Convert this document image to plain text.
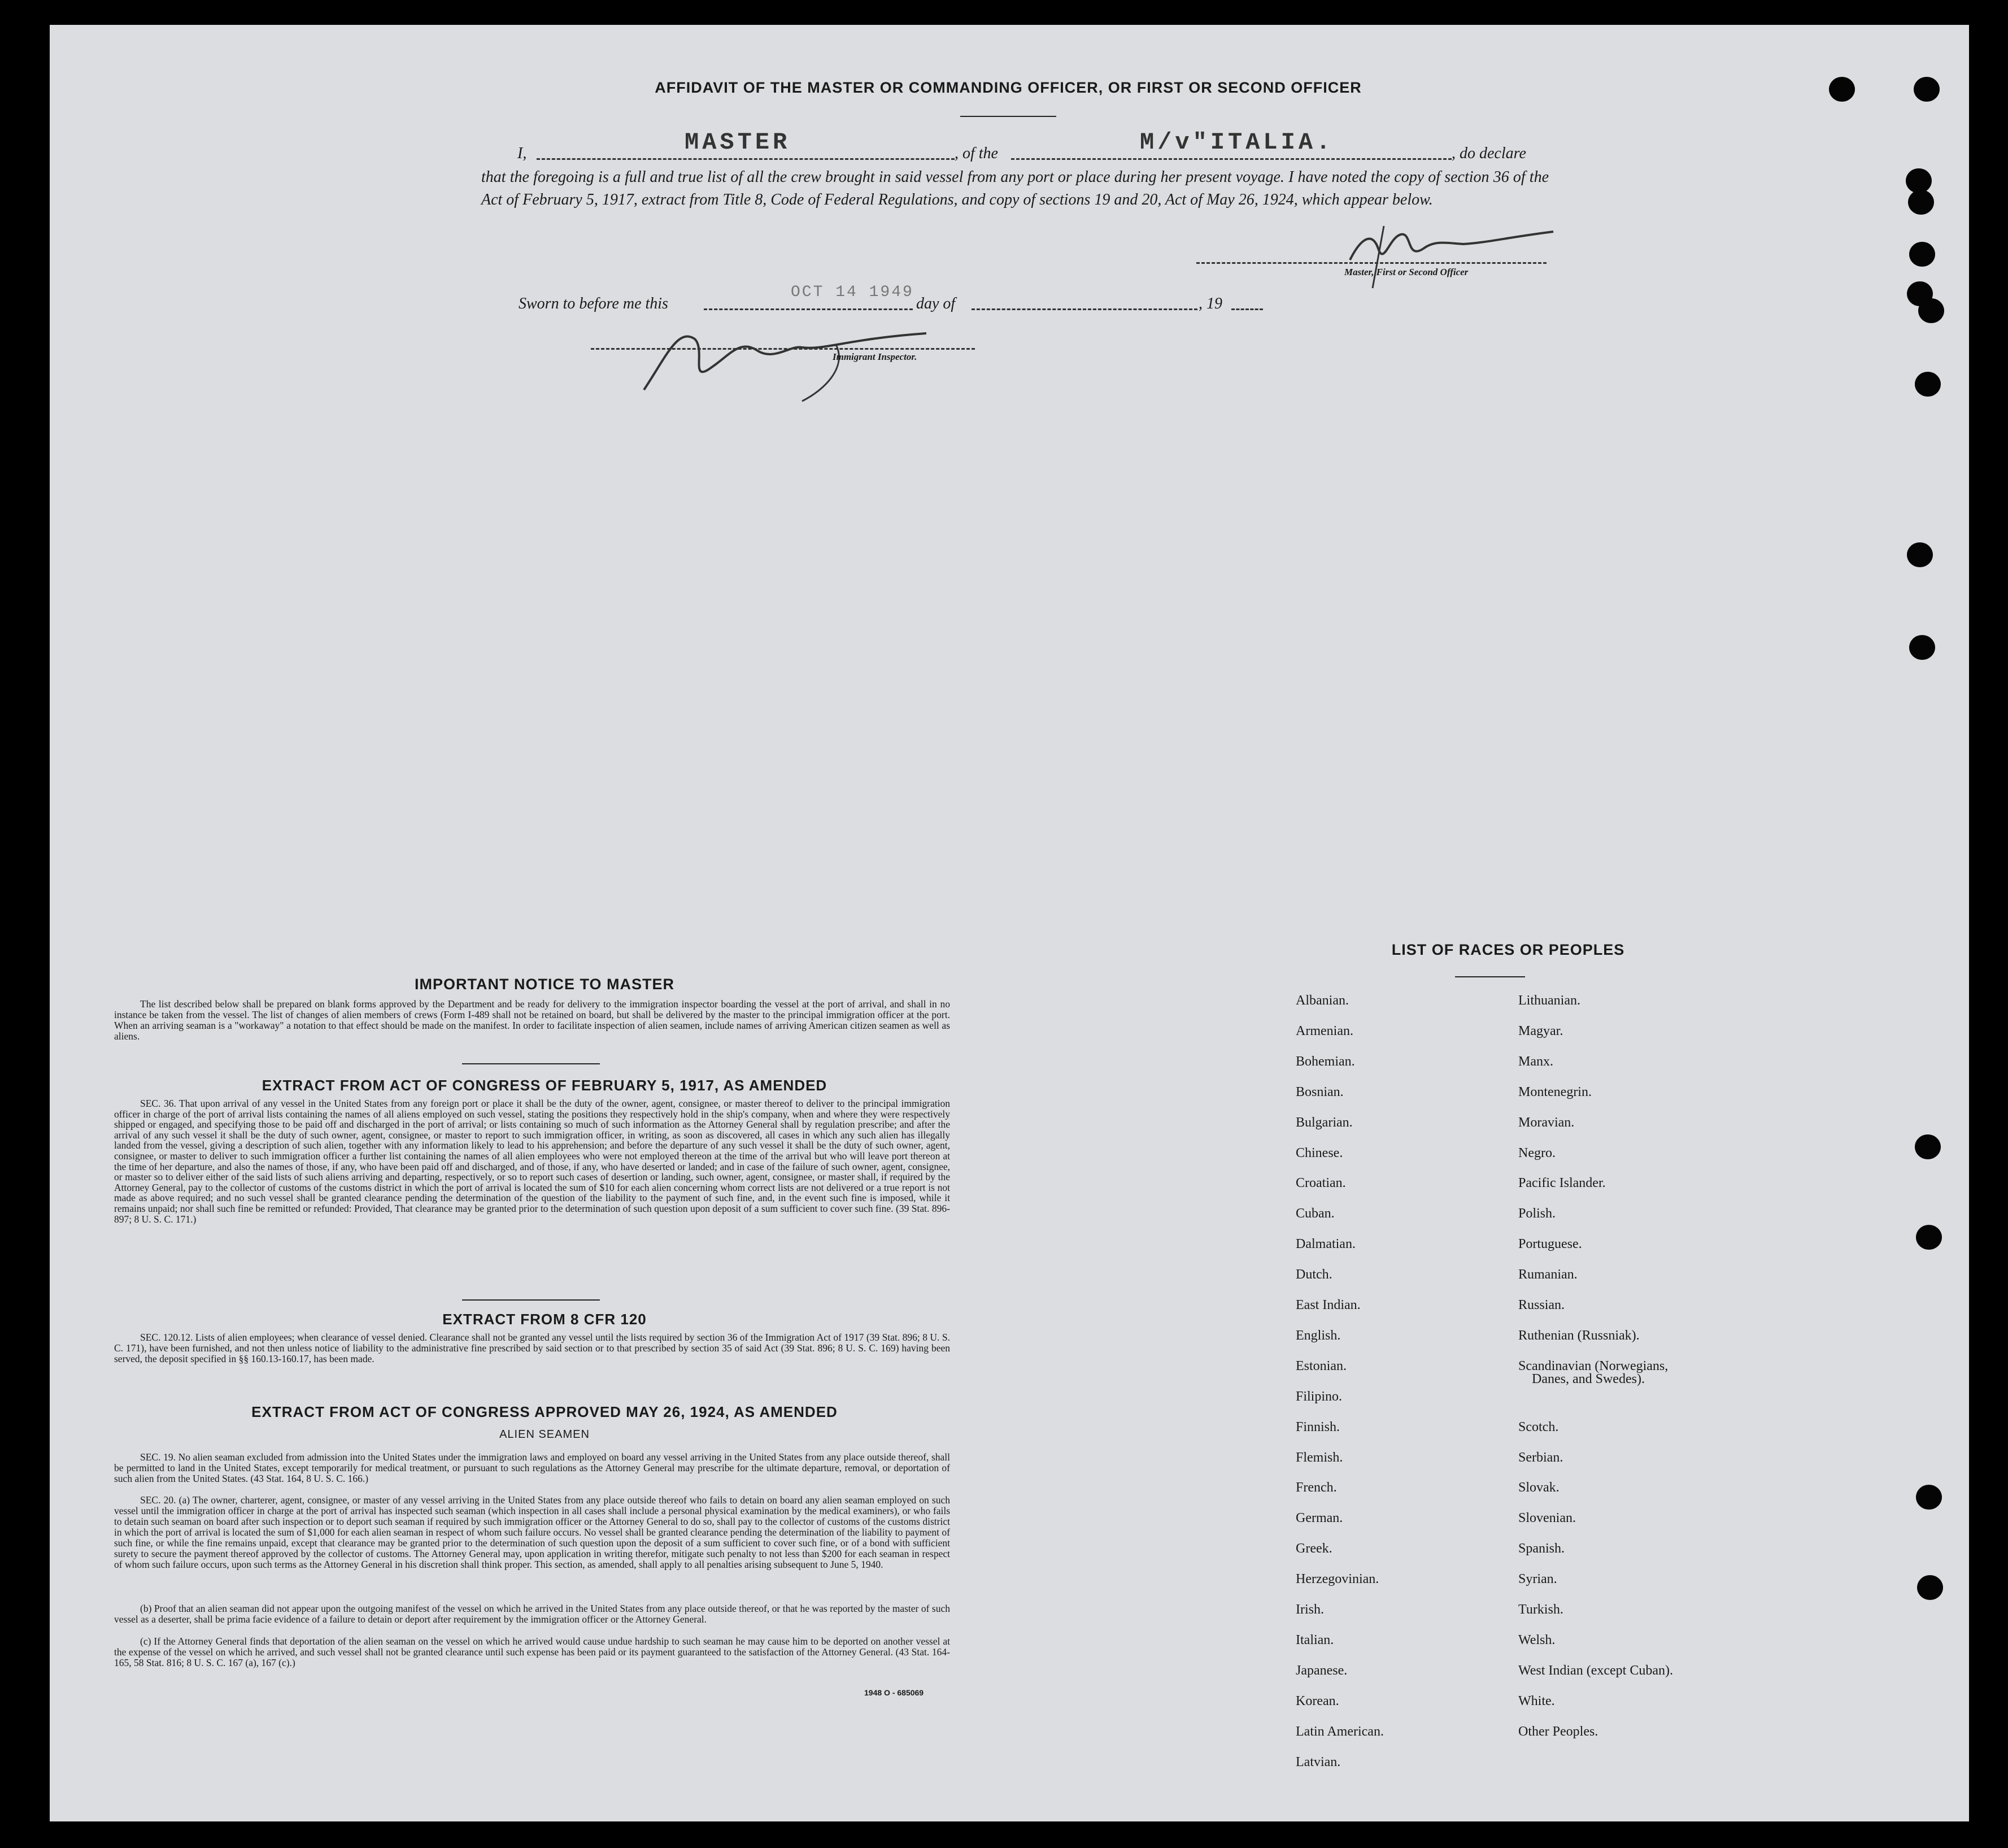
AFFIDAVIT OF THE MASTER OR COMMANDING OFFICER, OR FIRST OR SECOND OFFICER
I,	MASTER	, of the	M/v"ITALIA.	, do declare
that the foregoing is a full and true list of all the crew brought in said vessel from any port or place during her present voyage. I have noted the copy of section 36 of the Act of February 5, 1917, extract from Title 8, Code of Federal Regulations, and copy of sections 19 and 20, Act of May 26, 1924, which appear below.
Master, First or Second Officer
Sworn to before me this
OCT 14 1949
day of	, 19
Immigrant Inspector.
IMPORTANT NOTICE TO MASTER
The list described below shall be prepared on blank forms approved by the Department and be ready for delivery to the immigration inspector boarding the vessel at the port of arrival, and shall in no instance be taken from the vessel. The list of changes of alien members of crews (Form I-489 shall not be retained on board, but shall be delivered by the master to the principal immigration officer at the port. When an arriving seaman is a "workaway" a notation to that effect should be made on the manifest. In order to facilitate inspection of alien seamen, include names of arriving American citizen seamen as well as aliens.
EXTRACT FROM ACT OF CONGRESS OF FEBRUARY 5, 1917, AS AMENDED
SEC. 36. That upon arrival of any vessel in the United States from any foreign port or place it shall be the duty of the owner, agent, consignee, or master thereof to deliver to the principal immigration officer in charge of the port of arrival lists containing the names of all aliens employed on such vessel, stating the positions they respectively hold in the ship's company, when and where they were respectively shipped or engaged, and specifying those to be paid off and discharged in the port of arrival; or lists containing so much of such information as the Attorney General shall by regulation prescribe; and after the arrival of any such vessel it shall be the duty of such owner, agent, consignee, or master to report to such immigration officer, in writing, as soon as discovered, all cases in which any such alien has illegally landed from the vessel, giving a description of such alien, together with any information likely to lead to his apprehension; and before the departure of any such vessel it shall be the duty of such owner, agent, consignee, or master to deliver to such immigration officer a further list containing the names of all alien employees who were not employed thereon at the time of the arrival but who will leave port thereon at the time of her departure, and also the names of those, if any, who have been paid off and discharged, and of those, if any, who have deserted or landed; and in case of the failure of such owner, agent, consignee, or master so to deliver either of the said lists of such aliens arriving and departing, respectively, or so to report such cases of desertion or landing, such owner, agent, consignee, or master shall, if required by the Attorney General, pay to the collector of customs of the customs district in which the port of arrival is located the sum of $10 for each alien concerning whom correct lists are not delivered or a true report is not made as above required; and no such vessel shall be granted clearance pending the determination of the question of the liability to the payment of such fine, and, in the event such fine is imposed, while it remains unpaid; nor shall such fine be remitted or refunded: Provided, That clearance may be granted prior to the determination of such question upon deposit of a sum sufficient to cover such fine. (39 Stat. 896-897; 8 U. S. C. 171.)
EXTRACT FROM 8 CFR 120
SEC. 120.12. Lists of alien employees; when clearance of vessel denied. Clearance shall not be granted any vessel until the lists required by section 36 of the Immigration Act of 1917 (39 Stat. 896; 8 U. S. C. 171), have been furnished, and not then unless notice of liability to the administrative fine prescribed by said section or to that prescribed by section 35 of said Act (39 Stat. 896; 8 U. S. C. 169) having been served, the deposit specified in §§ 160.13-160.17, has been made.
EXTRACT FROM ACT OF CONGRESS APPROVED MAY 26, 1924, AS AMENDED
ALIEN SEAMEN
SEC. 19. No alien seaman excluded from admission into the United States under the immigration laws and employed on board any vessel arriving in the United States from any place outside thereof, shall be permitted to land in the United States, except temporarily for medical treatment, or pursuant to such regulations as the Attorney General may prescribe for the ultimate departure, removal, or deportation of such alien from the United States. (43 Stat. 164, 8 U. S. C. 166.)
SEC. 20. (a) The owner, charterer, agent, consignee, or master of any vessel arriving in the United States from any place outside thereof who fails to detain on board any alien seaman employed on such vessel until the immigration officer in charge at the port of arrival has inspected such seaman (which inspection in all cases shall include a personal physical examination by the medical examiners), or who fails to detain such seaman on board after such inspection or to deport such seaman if required by such immigration officer or the Attorney General to do so, shall pay to the collector of customs of the customs district in which the port of arrival is located the sum of $1,000 for each alien seaman in respect of whom such failure occurs. No vessel shall be granted clearance pending the determination of the liability to payment of such fine, or while the fine remains unpaid, except that clearance may be granted prior to the determination of such question upon the deposit of a sum sufficient to cover such fine, or of a bond with sufficient surety to secure the payment thereof approved by the collector of customs. The Attorney General may, upon application in writing therefor, mitigate such penalty to not less than $200 for each seaman in respect of whom such failure occurs, upon such terms as the Attorney General in his discretion shall think proper. This section, as amended, shall apply to all penalties arising subsequent to June 5, 1940.
(b) Proof that an alien seaman did not appear upon the outgoing manifest of the vessel on which he arrived in the United States from any place outside thereof, or that he was reported by the master of such vessel as a deserter, shall be prima facie evidence of a failure to detain or deport after requirement by the immigration officer or the Attorney General.
(c) If the Attorney General finds that deportation of the alien seaman on the vessel on which he arrived would cause undue hardship to such seaman he may cause him to be deported on another vessel at the expense of the vessel on which he arrived, and such vessel shall not be granted clearance until such expense has been paid or its payment guaranteed to the satisfaction of the Attorney General. (43 Stat. 164-165, 58 Stat. 816; 8 U. S. C. 167 (a), 167 (c).)
1948 O - 685069
LIST OF RACES OR PEOPLES
Albanian.
Armenian.
Bohemian.
Bosnian.
Bulgarian.
Chinese.
Croatian.
Cuban.
Dalmatian.
Dutch.
East Indian.
English.
Estonian.
Filipino.
Finnish.
Flemish.
French.
German.
Greek.
Herzegovinian.
Irish.
Italian.
Japanese.
Korean.
Latin American.
Latvian.
Lithuanian.
Magyar.
Manx.
Montenegrin.
Moravian.
Negro.
Pacific Islander.
Polish.
Portuguese.
Rumanian.
Russian.
Ruthenian (Russniak).
Scandinavian (Norwegians,
Scotch.
Serbian.
Slovak.
Slovenian.
Spanish.
Syrian.
Turkish.
Welsh.
West Indian (except Cuban).
White.
Other Peoples.
Danes, and Swedes).
